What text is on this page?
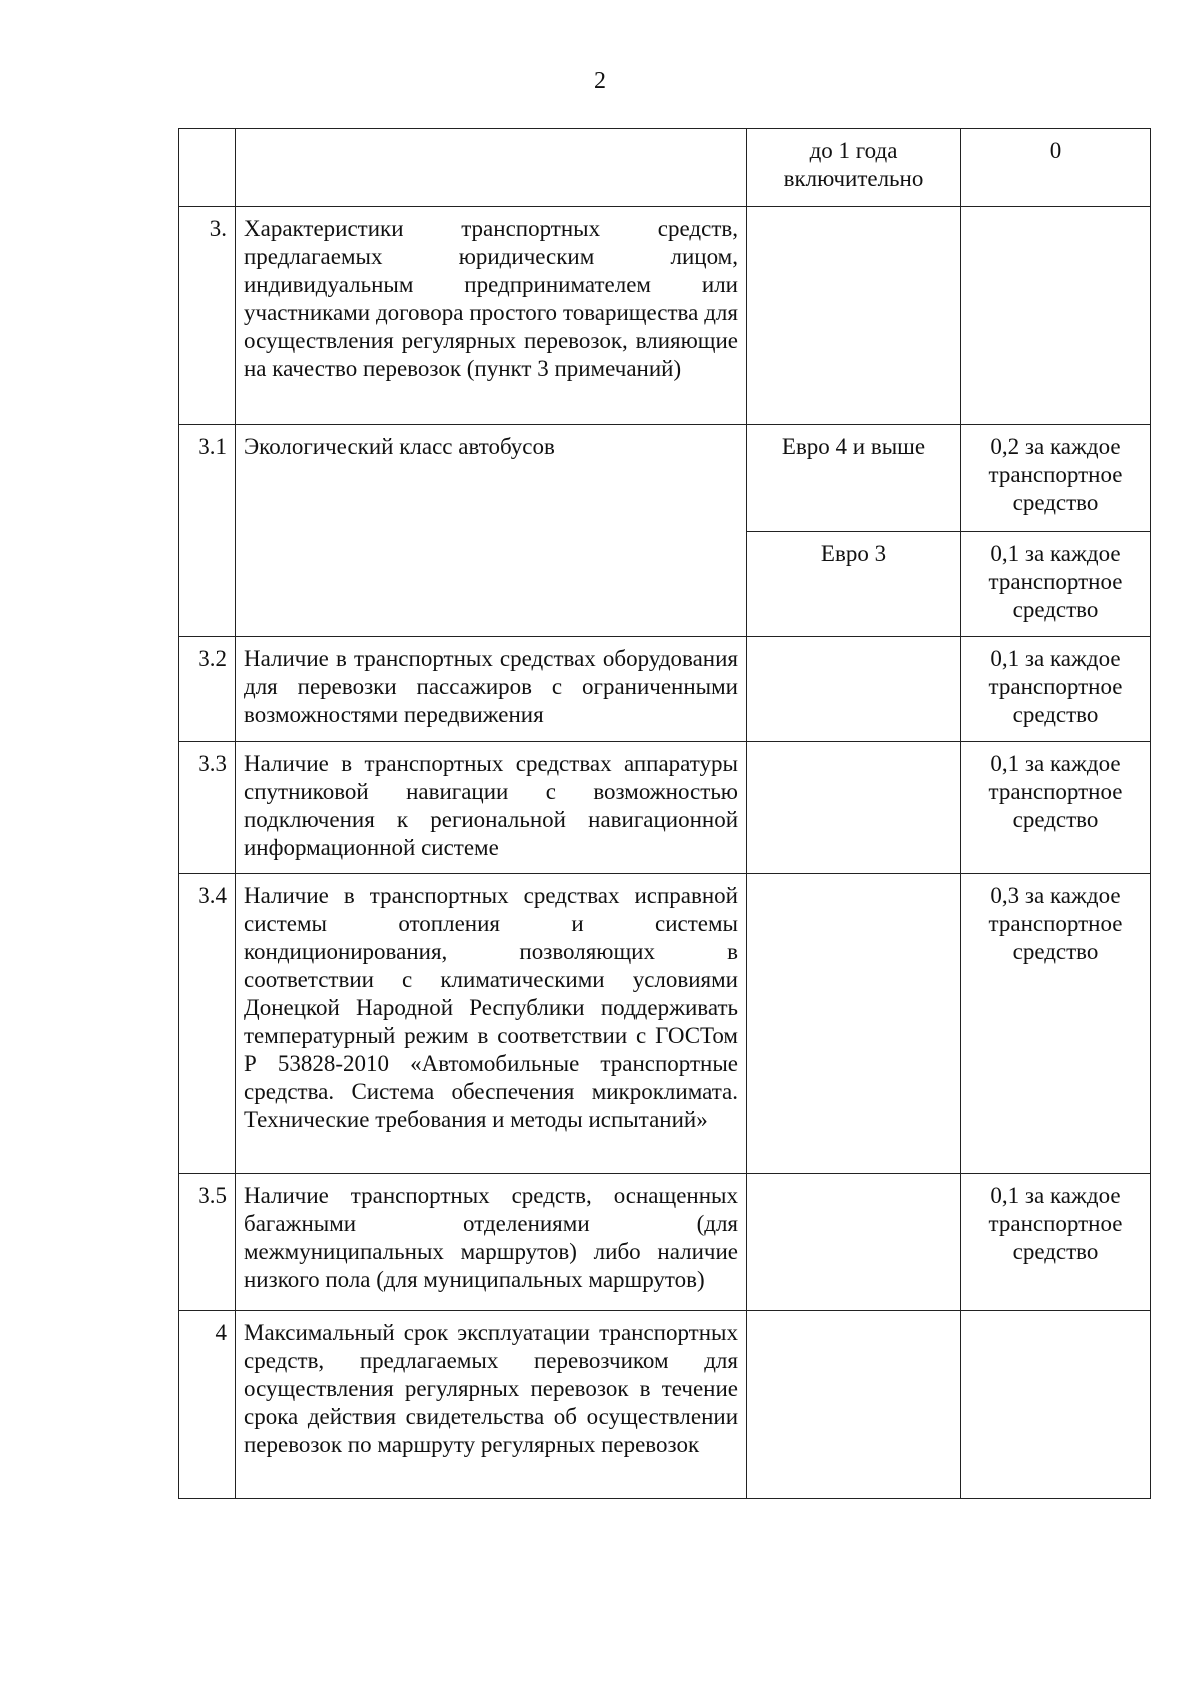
2
		до 1 года включительно	0
3.	Характеристики транспортных средств, предлагаемых юридическим лицом, индивидуальным предпринимателем или участниками договора простого товарищества для осуществления регулярных перевозок, влияющие на качество перевозок (пункт 3 примечаний)		
3.1	Экологический класс автобусов	Евро 4 и выше	0,2 за каждое транспортное средство
		Евро 3	0,1 за каждое транспортное средство
3.2	Наличие в транспортных средствах оборудования для перевозки пассажиров с ограниченными возможностями передвижения		0,1 за каждое транспортное средство
3.3	Наличие в транспортных средствах аппаратуры спутниковой навигации с возможностью подключения к региональной навигационной информационной системе		0,1 за каждое транспортное средство
3.4	Наличие в транспортных средствах исправной системы отопления и системы кондиционирования, позволяющих в соответствии с климатическими условиями Донецкой Народной Республики поддерживать температурный режим в соответствии с ГОСТом Р 53828-2010 «Автомобильные транспортные средства. Система обеспечения микроклимата. Технические требования и методы испытаний»		0,3 за каждое транспортное средство
3.5	Наличие транспортных средств, оснащенных багажными отделениями (для межмуниципальных маршрутов) либо наличие низкого пола (для муниципальных маршрутов)		0,1 за каждое транспортное средство
4	Максимальный срок эксплуатации транспортных средств, предлагаемых перевозчиком для осуществления регулярных перевозок в течение срока действия свидетельства об осуществлении перевозок по маршруту регулярных перевозок		
